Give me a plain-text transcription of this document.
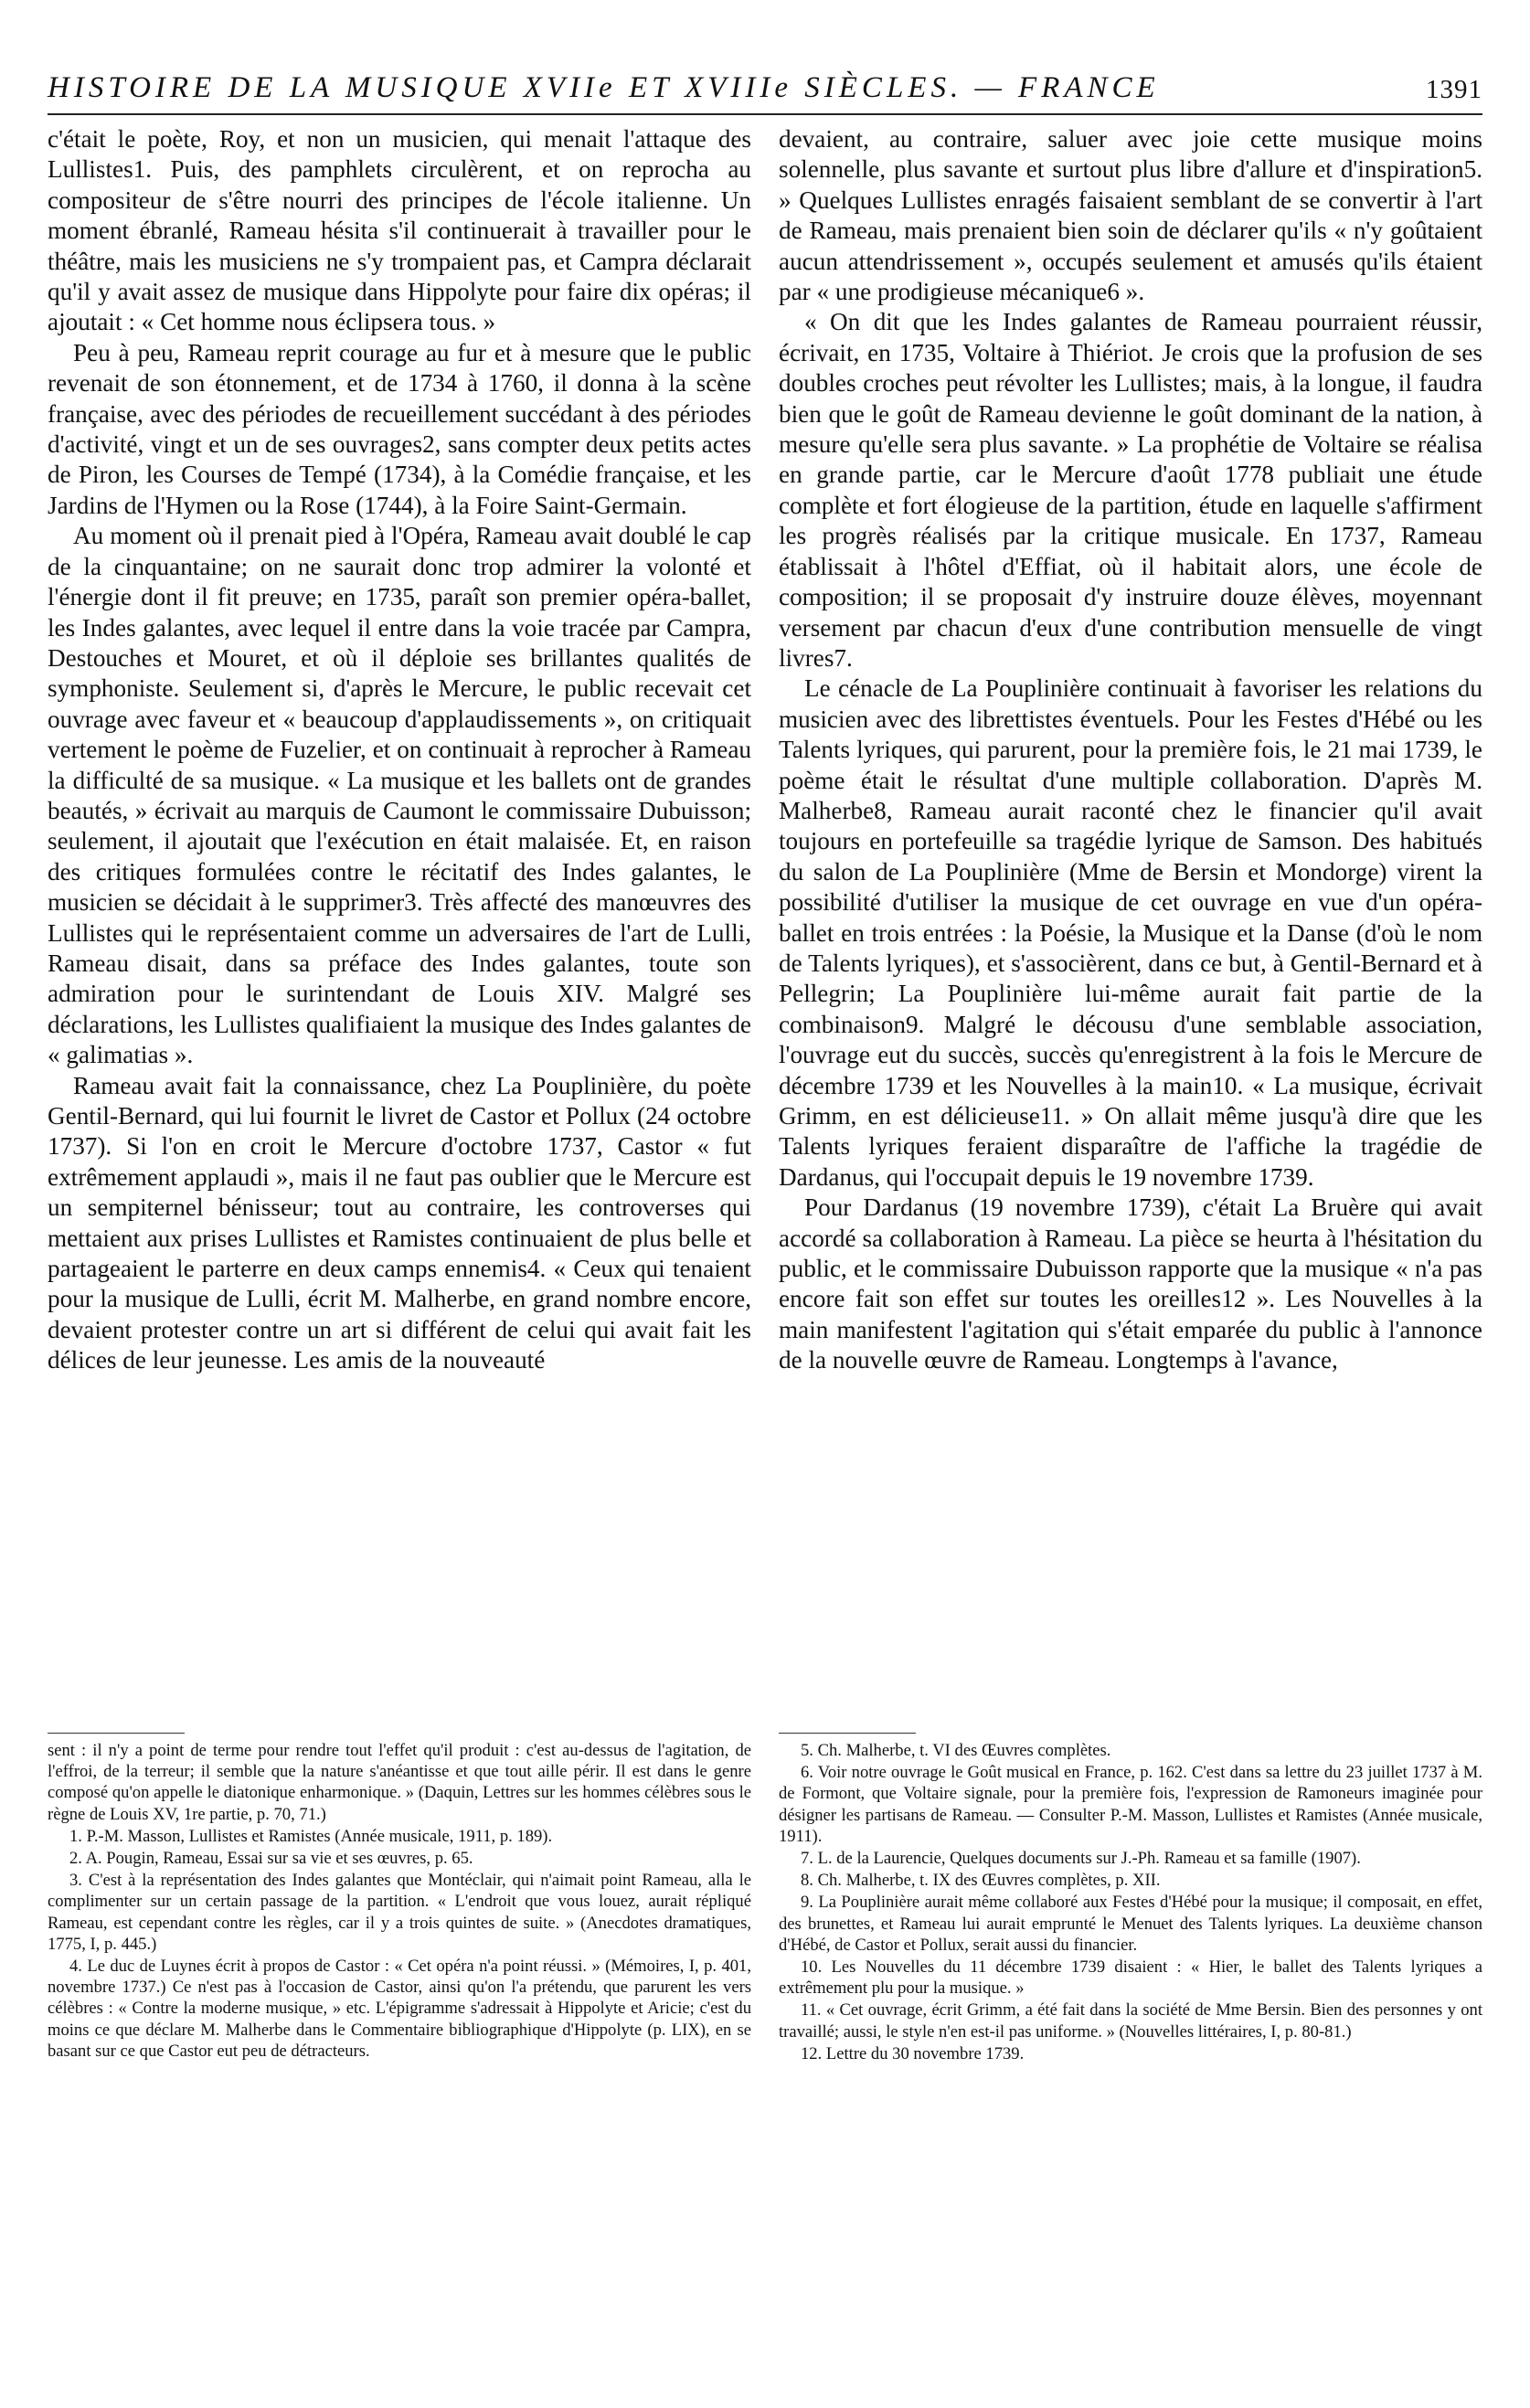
HISTOIRE DE LA MUSIQUE XVIIe ET XVIIIe SIÈCLES. — FRANCE	1391

c'était le poète, Roy, et non un musicien, qui menait l'attaque des Lullistes1. Puis, des pamphlets circulèrent, et on reprocha au compositeur de s'être nourri des principes de l'école italienne. Un moment ébranlé, Rameau hésita s'il continuerait à travailler pour le théâtre, mais les musiciens ne s'y trompaient pas, et Campra déclarait qu'il y avait assez de musique dans Hippolyte pour faire dix opéras; il ajoutait : « Cet homme nous éclipsera tous. »

Peu à peu, Rameau reprit courage au fur et à mesure que le public revenait de son étonnement, et de 1734 à 1760, il donna à la scène française, avec des périodes de recueillement succédant à des périodes d'activité, vingt et un de ses ouvrages2, sans compter deux petits actes de Piron, les Courses de Tempé (1734), à la Comédie française, et les Jardins de l'Hymen ou la Rose (1744), à la Foire Saint-Germain.

Au moment où il prenait pied à l'Opéra, Rameau avait doublé le cap de la cinquantaine; on ne saurait donc trop admirer la volonté et l'énergie dont il fit preuve; en 1735, paraît son premier opéra-ballet, les Indes galantes, avec lequel il entre dans la voie tracée par Campra, Destouches et Mouret, et où il déploie ses brillantes qualités de symphoniste. Seulement si, d'après le Mercure, le public recevait cet ouvrage avec faveur et « beaucoup d'applaudissements », on critiquait vertement le poème de Fuzelier, et on continuait à reprocher à Rameau la difficulté de sa musique. « La musique et les ballets ont de grandes beautés, » écrivait au marquis de Caumont le commissaire Dubuisson; seulement, il ajoutait que l'exécution en était malaisée. Et, en raison des critiques formulées contre le récitatif des Indes galantes, le musicien se décidait à le supprimer3. Très affecté des manœuvres des Lullistes qui le représentaient comme un adversaires de l'art de Lulli, Rameau disait, dans sa préface des Indes galantes, toute son admiration pour le surintendant de Louis XIV. Malgré ses déclarations, les Lullistes qualifiaient la musique des Indes galantes de « galimatias ».

Rameau avait fait la connaissance, chez La Pouplinière, du poète Gentil-Bernard, qui lui fournit le livret de Castor et Pollux (24 octobre 1737). Si l'on en croit le Mercure d'octobre 1737, Castor « fut extrêmement applaudi », mais il ne faut pas oublier que le Mercure est un sempiternel bénisseur; tout au contraire, les controverses qui mettaient aux prises Lullistes et Ramistes continuaient de plus belle et partageaient le parterre en deux camps ennemis4. « Ceux qui tenaient pour la musique de Lulli, écrit M. Malherbe, en grand nombre encore, devaient protester contre un art si différent de celui qui avait fait les délices de leur jeunesse. Les amis de la nouveauté

devaient, au contraire, saluer avec joie cette musique moins solennelle, plus savante et surtout plus libre d'allure et d'inspiration5. » Quelques Lullistes enragés faisaient semblant de se convertir à l'art de Rameau, mais prenaient bien soin de déclarer qu'ils « n'y goûtaient aucun attendrissement », occupés seulement et amusés qu'ils étaient par « une prodigieuse mécanique6 ».

« On dit que les Indes galantes de Rameau pourraient réussir, écrivait, en 1735, Voltaire à Thiériot. Je crois que la profusion de ses doubles croches peut révolter les Lullistes; mais, à la longue, il faudra bien que le goût de Rameau devienne le goût dominant de la nation, à mesure qu'elle sera plus savante. » La prophétie de Voltaire se réalisa en grande partie, car le Mercure d'août 1778 publiait une étude complète et fort élogieuse de la partition, étude en laquelle s'affirment les progrès réalisés par la critique musicale. En 1737, Rameau établissait à l'hôtel d'Effiat, où il habitait alors, une école de composition; il se proposait d'y instruire douze élèves, moyennant versement par chacun d'eux d'une contribution mensuelle de vingt livres7.

Le cénacle de La Pouplinière continuait à favoriser les relations du musicien avec des librettistes éventuels. Pour les Festes d'Hébé ou les Talents lyriques, qui parurent, pour la première fois, le 21 mai 1739, le poème était le résultat d'une multiple collaboration. D'après M. Malherbe8, Rameau aurait raconté chez le financier qu'il avait toujours en portefeuille sa tragédie lyrique de Samson. Des habitués du salon de La Pouplinière (Mme de Bersin et Mondorge) virent la possibilité d'utiliser la musique de cet ouvrage en vue d'un opéra-ballet en trois entrées : la Poésie, la Musique et la Danse (d'où le nom de Talents lyriques), et s'associèrent, dans ce but, à Gentil-Bernard et à Pellegrin; La Pouplinière lui-même aurait fait partie de la combinaison9. Malgré le décousu d'une semblable association, l'ouvrage eut du succès, succès qu'enregistrent à la fois le Mercure de décembre 1739 et les Nouvelles à la main10. « La musique, écrivait Grimm, en est délicieuse11. » On allait même jusqu'à dire que les Talents lyriques feraient disparaître de l'affiche la tragédie de Dardanus, qui l'occupait depuis le 19 novembre 1739.

Pour Dardanus (19 novembre 1739), c'était La Bruère qui avait accordé sa collaboration à Rameau. La pièce se heurta à l'hésitation du public, et le commissaire Dubuisson rapporte que la musique « n'a pas encore fait son effet sur toutes les oreilles12 ». Les Nouvelles à la main manifestent l'agitation qui s'était emparée du public à l'annonce de la nouvelle œuvre de Rameau. Longtemps à l'avance,

sent : il n'y a point de terme pour rendre tout l'effet qu'il produit : c'est au-dessus de l'agitation, de l'effroi, de la terreur; il semble que la nature s'anéantisse et que tout aille périr. Il est dans le genre composé qu'on appelle le diatonique enharmonique. » (Daquin, Lettres sur les hommes célèbres sous le règne de Louis XV, 1re partie, p. 70, 71.)

1. P.-M. Masson, Lullistes et Ramistes (Année musicale, 1911, p. 189).

2. A. Pougin, Rameau, Essai sur sa vie et ses œuvres, p. 65.

3. C'est à la représentation des Indes galantes que Montéclair, qui n'aimait point Rameau, alla le complimenter sur un certain passage de la partition. « L'endroit que vous louez, aurait répliqué Rameau, est cependant contre les règles, car il y a trois quintes de suite. » (Anecdotes dramatiques, 1775, I, p. 445.)

4. Le duc de Luynes écrit à propos de Castor : « Cet opéra n'a point réussi. » (Mémoires, I, p. 401, novembre 1737.) Ce n'est pas à l'occasion de Castor, ainsi qu'on l'a prétendu, que parurent les vers célèbres : « Contre la moderne musique, » etc. L'épigramme s'adressait à Hippolyte et Aricie; c'est du moins ce que déclare M. Malherbe dans le Commentaire bibliographique d'Hippolyte (p. LIX), en se basant sur ce que Castor eut peu de détracteurs.

5. Ch. Malherbe, t. VI des Œuvres complètes.

6. Voir notre ouvrage le Goût musical en France, p. 162. C'est dans sa lettre du 23 juillet 1737 à M. de Formont, que Voltaire signale, pour la première fois, l'expression de Ramoneurs imaginée pour désigner les partisans de Rameau. — Consulter P.-M. Masson, Lullistes et Ramistes (Année musicale, 1911).

7. L. de la Laurencie, Quelques documents sur J.-Ph. Rameau et sa famille (1907).

8. Ch. Malherbe, t. IX des Œuvres complètes, p. XII.

9. La Pouplinière aurait même collaboré aux Festes d'Hébé pour la musique; il composait, en effet, des brunettes, et Rameau lui aurait emprunté le Menuet des Talents lyriques. La deuxième chanson d'Hébé, de Castor et Pollux, serait aussi du financier.

10. Les Nouvelles du 11 décembre 1739 disaient : « Hier, le ballet des Talents lyriques a extrêmement plu pour la musique. »

11. « Cet ouvrage, écrit Grimm, a été fait dans la société de Mme Bersin. Bien des personnes y ont travaillé; aussi, le style n'en est-il pas uniforme. » (Nouvelles littéraires, I, p. 80-81.)

12. Lettre du 30 novembre 1739.
